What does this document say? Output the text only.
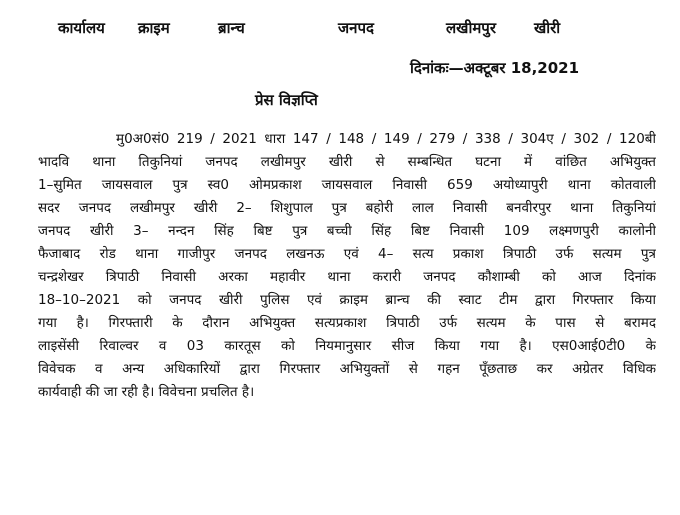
कार्यालय क्राइम	ब्रान्च	जनपद	लखीमपुर	खीरी
दिनांकः—अक्टूबर 18,2021
प्रेस विज्ञप्ति
मु0अ0सं0 219 / 2021 धारा 147 / 148 / 149 / 279 / 338 / 304ए / 302 / 120बी
भादवि थाना तिकुनियां जनपद लखीमपुर खीरी से सम्बन्धित घटना में वांछित अभियुक्त
1–सुमित जायसवाल पुत्र स्व0 ओमप्रकाश जायसवाल निवासी 659 अयोध्यापुरी थाना कोतवाली
सदर जनपद लखीमपुर खीरी 2– शिशुपाल पुत्र बहोरी लाल निवासी बनवीरपुर थाना तिकुनियां
जनपद खीरी 3– नन्दन सिंह बिष्ट पुत्र बच्ची सिंह बिष्ट निवासी 109 लक्ष्मणपुरी कालोनी
फैजाबाद रोड थाना गाजीपुर जनपद लखनऊ एवं 4– सत्य प्रकाश त्रिपाठी उर्फ सत्यम पुत्र
चन्द्रशेखर त्रिपाठी निवासी अरका महावीर थाना करारी जनपद कौशाम्बी को आज दिनांक
18–10–2021 को जनपद खीरी पुलिस एवं क्राइम ब्रान्च की स्वाट टीम द्वारा गिरफ्तार किया
गया है। गिरफ्तारी के दौरान अभियुक्त सत्यप्रकाश त्रिपाठी उर्फ सत्यम के पास से बरामद
लाइसेंसी रिवाल्वर व 03 कारतूस को नियमानुसार सीज किया गया है। एस0आई0टी0 के
विवेचक व अन्य अधिकारियों द्वारा गिरफ्तार अभियुक्तों से गहन पूँछताछ कर अग्रेतर विधिक
कार्यवाही की जा रही है। विवेचना प्रचलित है।
